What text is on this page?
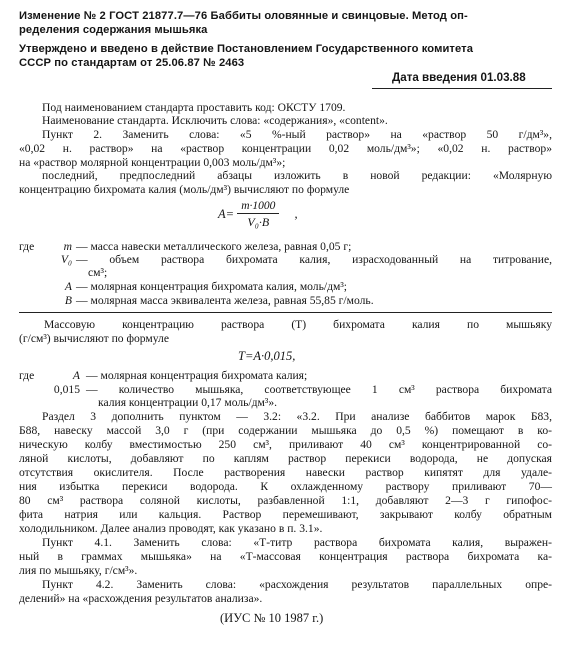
Изменение № 2 ГОСТ 21877.7—76 Баббиты оловянные и свинцовые. Метод оп-
ределения содержания мышьяка
Утверждено и введено в действие Постановлением Государственного комитета
СССР по стандартам от 25.06.87 № 2463
Дата введения 01.03.88
Под наименованием стандарта проставить код: ОКСТУ 1709.
Наименование стандарта. Исключить слова: «содержания», «content».
Пункт 2. Заменить слова: «5 %-ный раствор» на «раствор 50 г/дм³»,
«0,02 н. раствор» на «раствор концентрации 0,02 моль/дм³»; «0,02 н. раствор»
на «раствор молярной концентрации 0,003 моль/дм³»;
последний, предпоследний абзацы изложить в новой редакции: «Молярную
концентрацию бихромата калия (моль/дм³) вычисляют по формуле
$A= \frac{m\cdot 1000}{\text{V₀·B}}$ ,
где	m — масса навески металлического железа, равная 0,05 г;
V₀ — объем раствора бихромата калия, израсходованный на титрование,
см³;
A — молярная концентрация бихромата калия, моль/дм³;
B — молярная масса эквивалента железа, равная 55,85 г/моль.
Массовую концентрацию раствора (T) бихромата калия по мышьяку
(г/см³) вычисляют по формуле
T=A·0,015,
где	A — молярная концентрация бихромата калия;
0,015 — количество мышьяка, соответствующее 1 см³ раствора бихромата
калия концентрации 0,17 моль/дм³».
Раздел 3 дополнить пунктом — 3.2: «3.2. При анализе баббитов марок Б83,
Б88, навеску массой 3,0 г (при содержании мышьяка до 0,5 %) помещают в ко-
ническую колбу вместимостью 250 см³, приливают 40 см³ концентрированной со-
ляной кислоты, добавляют по каплям раствор перекиси водорода, не допуская
отсутствия окислителя. После растворения навески раствор кипятят для удале-
ния избытка перекиси водорода. К охлажденному раствору приливают 70—
80 см³ раствора соляной кислоты, разбавленной 1:1, добавляют 2—3 г гипофос-
фита натрия или кальция. Раствор перемешивают, закрывают колбу обратным
холодильником. Далее анализ проводят, как указано в п. 3.1».
Пункт 4.1. Заменить слова: «Т-титр раствора бихромата калия, выражен-
ный в граммах мышьяка» на «Т-массовая концентрация раствора бихромата ка-
лия по мышьяку, г/см³».
Пункт 4.2. Заменить слова: «расхождения результатов параллельных опре-
делений» на «расхождения результатов анализа».
(ИУС № 10 1987 г.)
